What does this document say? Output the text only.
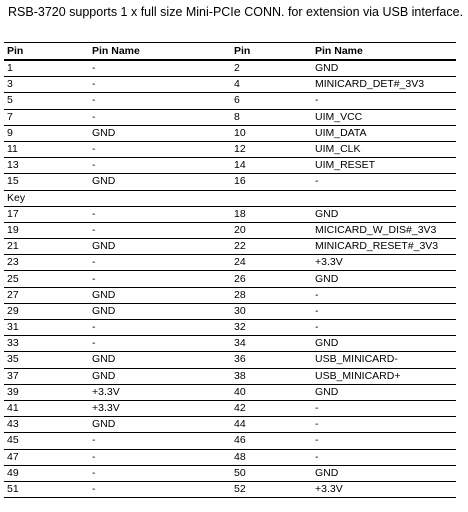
RSB-3720 supports 1 x full size Mini-PCIe CONN. for extension via USB interface.
Pin	Pin Name	Pin	Pin Name
1	-	2	GND
3	-	4	MINICARD_DET#_3V3
5	-	6	-
7	-	8	UIM_VCC
9	GND	10	UIM_DATA
11	-	12	UIM_CLK
13	-	14	UIM_RESET
15	GND	16	-
Key			
17	-	18	GND
19	-	20	MICICARD_W_DIS#_3V3
21	GND	22	MINICARD_RESET#_3V3
23	-	24	+3.3V
25	-	26	GND
27	GND	28	-
29	GND	30	-
31	-	32	-
33	-	34	GND
35	GND	36	USB_MINICARD-
37	GND	38	USB_MINICARD+
39	+3.3V	40	GND
41	+3.3V	42	-
43	GND	44	-
45	-	46	-
47	-	48	-
49	-	50	GND
51	-	52	+3.3V
